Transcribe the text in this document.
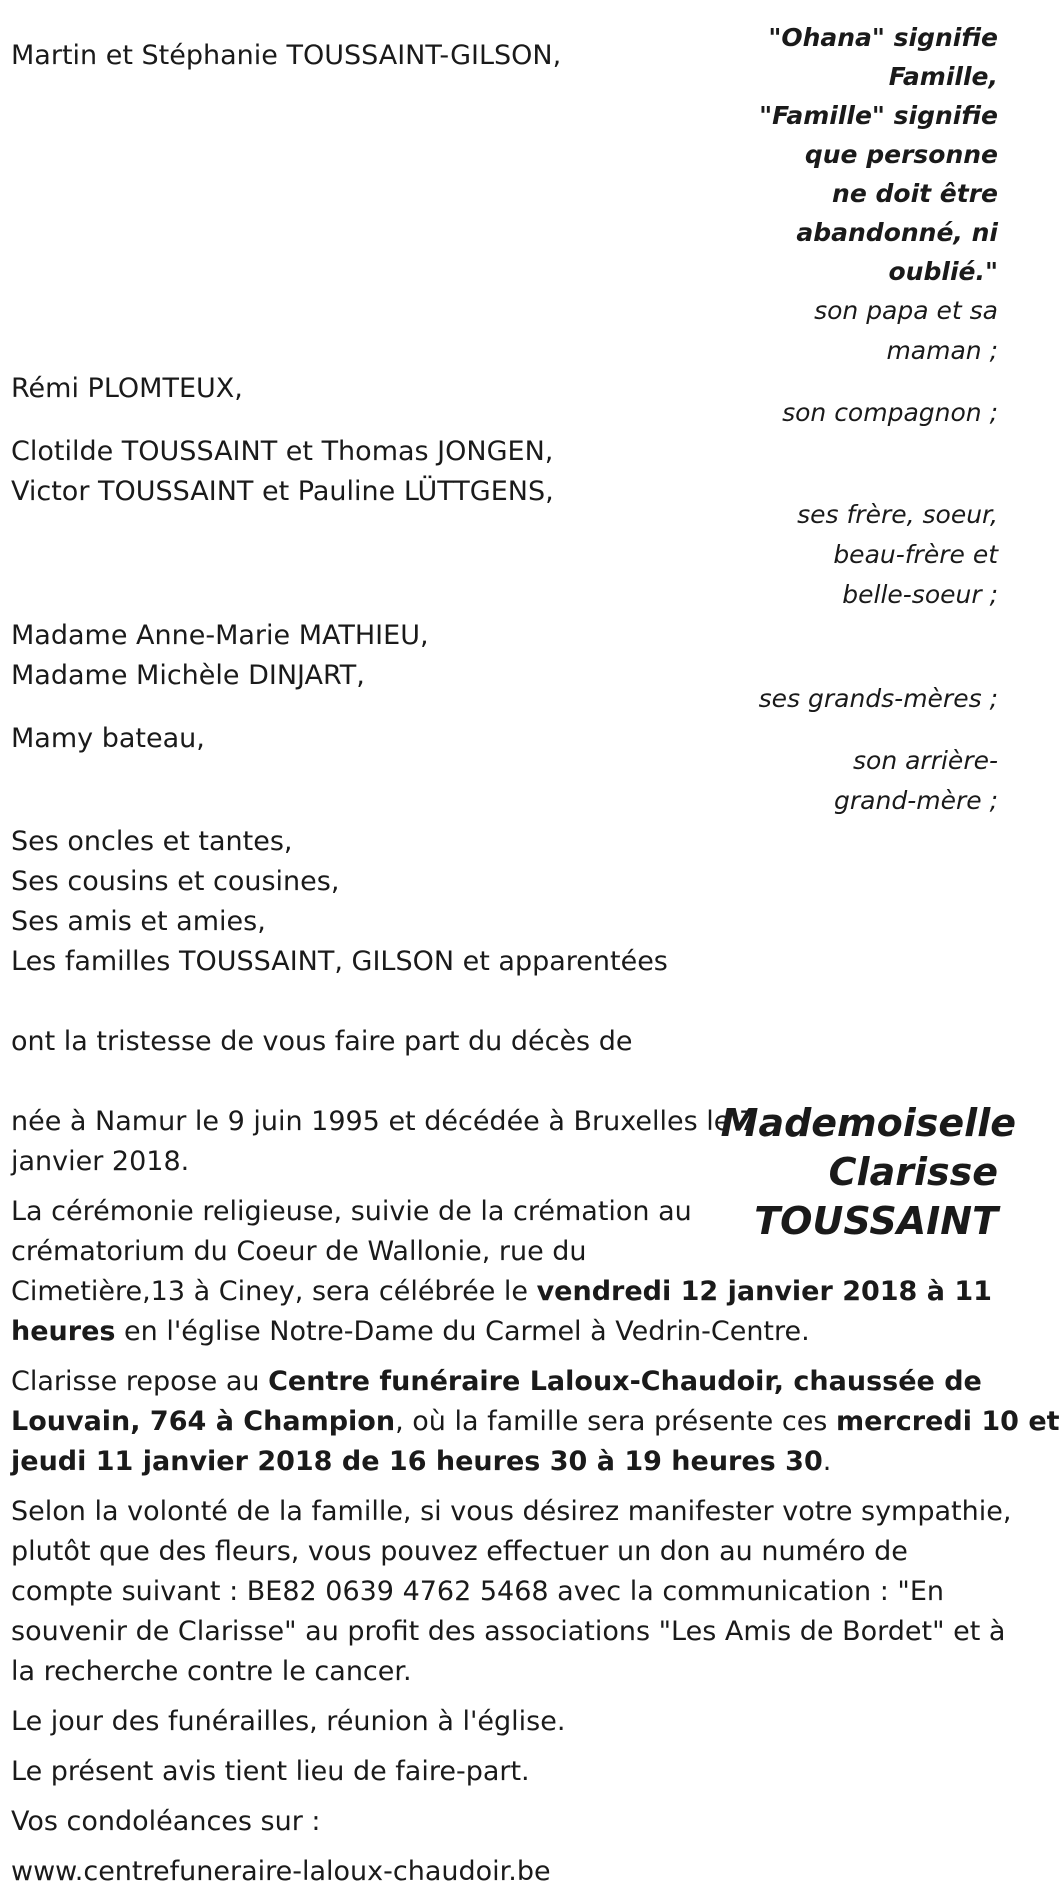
"Ohana" signifie
Famille,
"Famille" signifie
que personne
ne doit être
abandonné, ni
oublié."
Martin et Stéphanie TOUSSAINT-GILSON,
Rémi PLOMTEUX,
Clotilde TOUSSAINT et Thomas JONGEN,
Victor TOUSSAINT et Pauline LÜTTGENS,
Madame Anne-Marie MATHIEU,
Madame Michèle DINJART,
Mamy bateau,
son papa et sa
maman ;
son compagnon ;
ses frère, soeur,
beau-frère et
belle-soeur ;
ses grands-mères ;
son arrière-
grand-mère ;
Ses oncles et tantes,
Ses cousins et cousines,
Ses amis et amies,
Les familles TOUSSAINT, GILSON et apparentées
ont la tristesse de vous faire part du décès de
Mademoiselle
Clarisse
TOUSSAINT
née à Namur le 9 juin 1995 et décédée à Bruxelles le 7
janvier 2018.
La cérémonie religieuse, suivie de la crémation au
crématorium du Coeur de Wallonie, rue du
Cimetière,13 à Ciney, sera célébrée le vendredi 12 janvier 2018 à 11
heures en l'église Notre-Dame du Carmel à Vedrin-Centre.
Clarisse repose au Centre funéraire Laloux-Chaudoir, chaussée de
Louvain, 764 à Champion, où la famille sera présente ces mercredi 10 et
jeudi 11 janvier 2018 de 16 heures 30 à 19 heures 30.
Selon la volonté de la famille, si vous désirez manifester votre sympathie,
plutôt que des fleurs, vous pouvez effectuer un don au numéro de
compte suivant : BE82 0639 4762 5468 avec la communication : "En
souvenir de Clarisse" au profit des associations "Les Amis de Bordet" et à
la recherche contre le cancer.
Le jour des funérailles, réunion à l'église.
Le présent avis tient lieu de faire-part.
Vos condoléances sur :
www.centrefuneraire-laloux-chaudoir.be
